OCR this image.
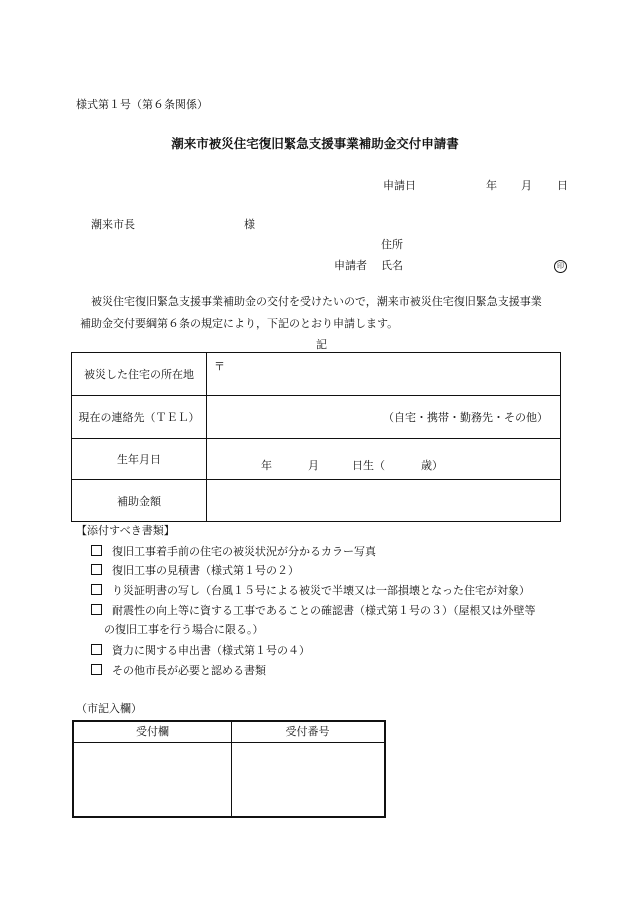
様式第１号（第６条関係）
潮来市被災住宅復旧緊急支援事業補助金交付申請書
申請日	年 月 日
潮来市長	様
住所
申請者 氏名	印
被災住宅復旧緊急支援事業補助金の交付を受けたいので，潮来市被災住宅復旧緊急支援事業
補助金交付要綱第６条の規定により，下記のとおり申請します。
記
被災した住宅の所在地	〒

現在の連絡先（ＴＥＬ）	（自宅・携帯・勤務先・その他）

生年月日	年 月 日生（ 歳）

補助金額	
【添付すべき書類】
復旧工事着手前の住宅の被災状況が分かるカラー写真
復旧工事の見積書（様式第１号の２）
り災証明書の写し（台風１５号による被災で半壊又は一部損壊となった住宅が対象）
耐震性の向上等に資する工事であることの確認書（様式第１号の３）（屋根又は外壁等
の復旧工事を行う場合に限る。）
資力に関する申出書（様式第１号の４）
その他市長が必要と認める書類
（市記入欄）
受付欄	受付番号
